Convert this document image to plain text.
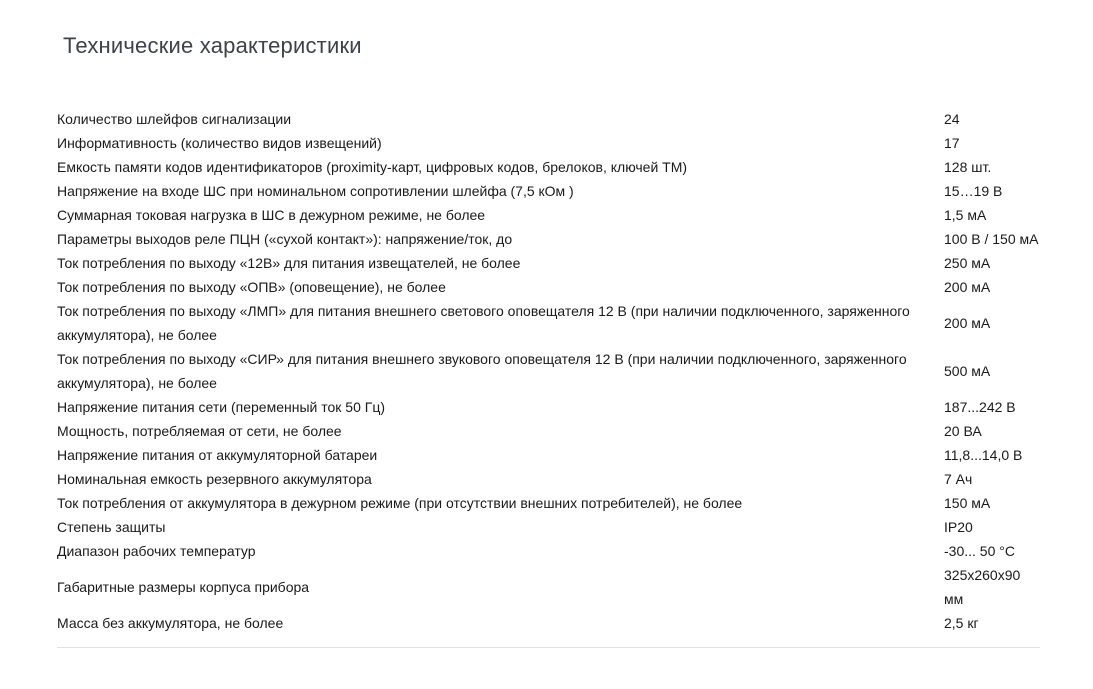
Технические характеристики
Количество шлейфов сигнализации	24
Информативность (количество видов извещений)	17
Емкость памяти кодов идентификаторов (proximity-карт, цифровых кодов, брелоков, ключей ТМ)	128 шт.
Напряжение на входе ШС при номинальном сопротивлении шлейфа (7,5 кОм )	15…19 В
Суммарная токовая нагрузка в ШС в дежурном режиме, не более	1,5 мА
Параметры выходов реле ПЦН («сухой контакт»): напряжение/ток, до	100 В / 150 мА
Ток потребления по выходу «12В» для питания извещателей, не более	250 мА
Ток потребления по выходу «ОПВ» (оповещение), не более	200 мА
Ток потребления по выходу «ЛМП» для питания внешнего светового оповещателя 12 В (при наличии подключенного, заряженного аккумулятора), не более	200 мА
Ток потребления по выходу «СИР» для питания внешнего звукового оповещателя 12 В (при наличии подключенного, заряженного аккумулятора), не более	500 мА
Напряжение питания сети (переменный ток 50 Гц)	187...242 В
Мощность, потребляемая от сети, не более	20 ВА
Напряжение питания от аккумуляторной батареи	11,8...14,0 В
Номинальная емкость резервного аккумулятора	7 Ач
Ток потребления от аккумулятора в дежурном режиме (при отсутствии внешних потребителей), не более	150 мА
Степень защиты	IP20
Диапазон рабочих температур	-30... 50 °С
Габаритные размеры корпуса прибора	325х260х90 мм
Масса без аккумулятора, не более	2,5 кг
